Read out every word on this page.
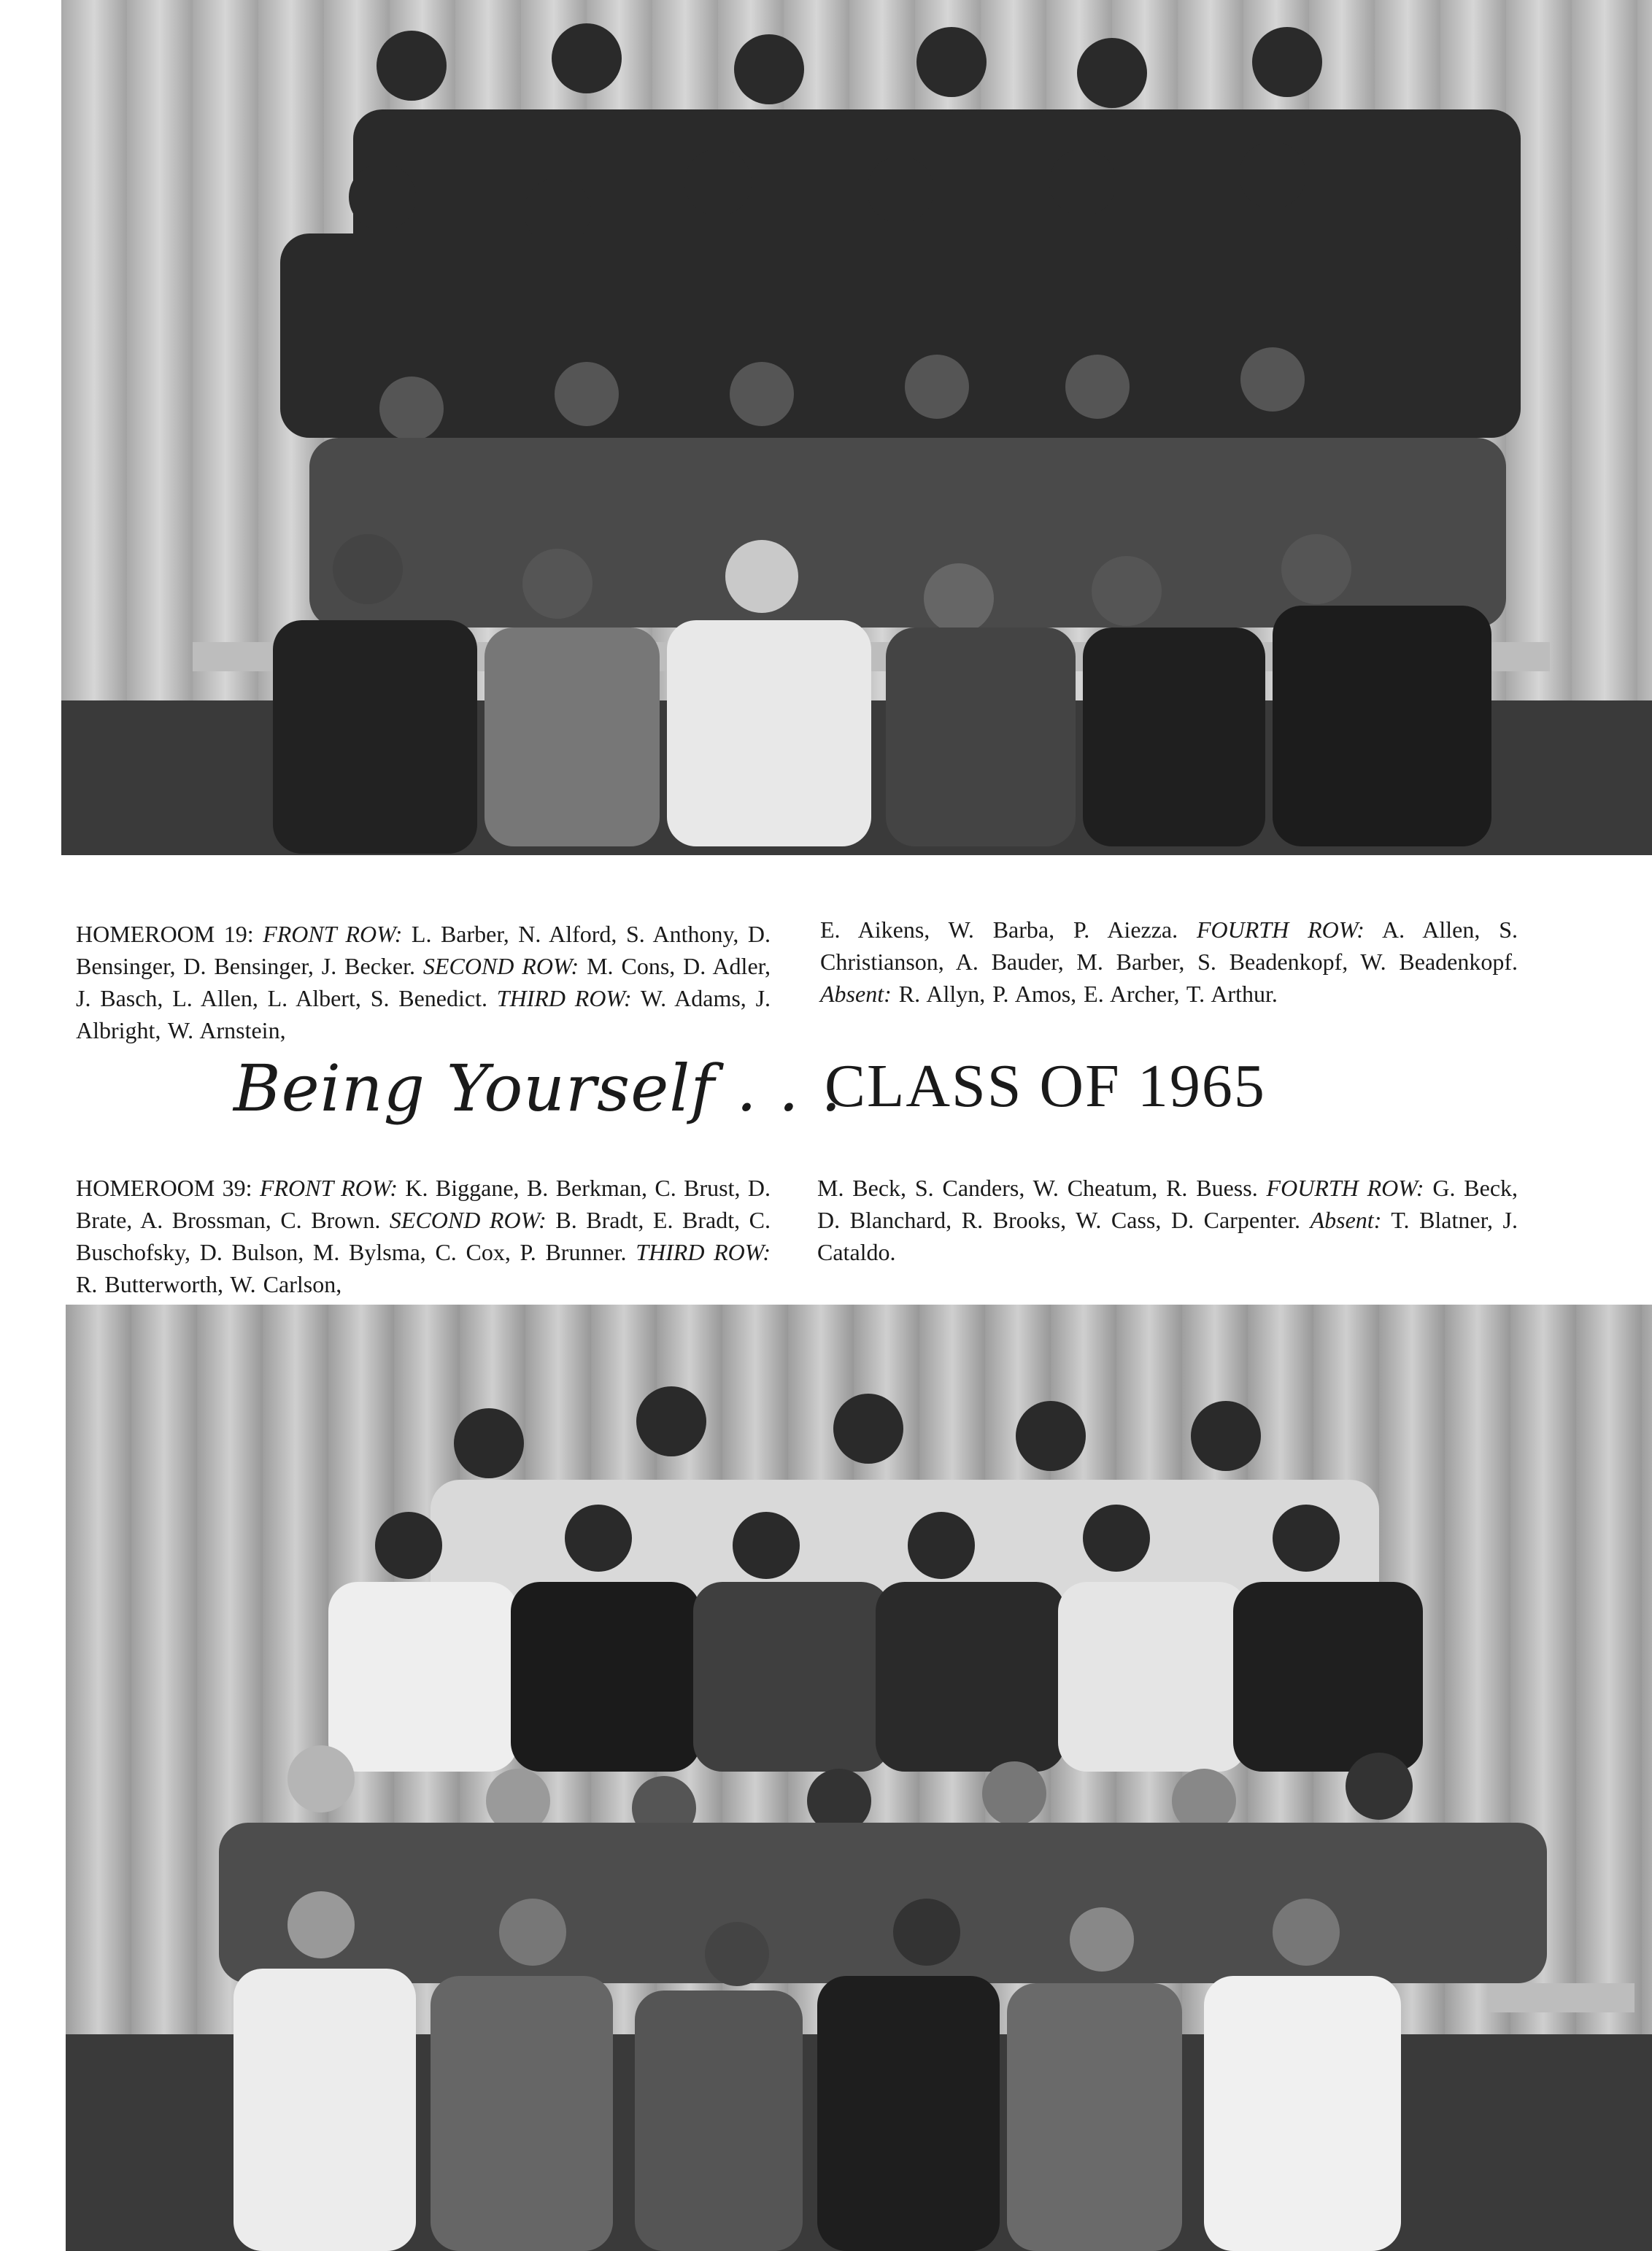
HOMEROOM 19: FRONT ROW: L. Barber, N. Alford, S. Anthony, D. Bensinger, D. Bensinger, J. Becker. SECOND ROW: M. Cons, D. Adler, J. Basch, L. Allen, L. Albert, S. Benedict. THIRD ROW: W. Adams, J. Albright, W. Arnstein,

E. Aikens, W. Barba, P. Aiezza. FOURTH ROW: A. Allen, S. Christianson, A. Bauder, M. Barber, S. Beadenkopf, W. Beadenkopf. Absent: R. Allyn, P. Amos, E. Archer, T. Arthur.

Being Yourself . . .
CLASS OF 1965

HOMEROOM 39: FRONT ROW: K. Biggane, B. Berkman, C. Brust, D. Brate, A. Brossman, C. Brown. SECOND ROW: B. Bradt, E. Bradt, C. Buschofsky, D. Bulson, M. Bylsma, C. Cox, P. Brunner. THIRD ROW: R. Butterworth, W. Carlson,

M. Beck, S. Canders, W. Cheatum, R. Buess. FOURTH ROW: G. Beck, D. Blanchard, R. Brooks, W. Cass, D. Carpenter. Absent: T. Blatner, J. Cataldo.
